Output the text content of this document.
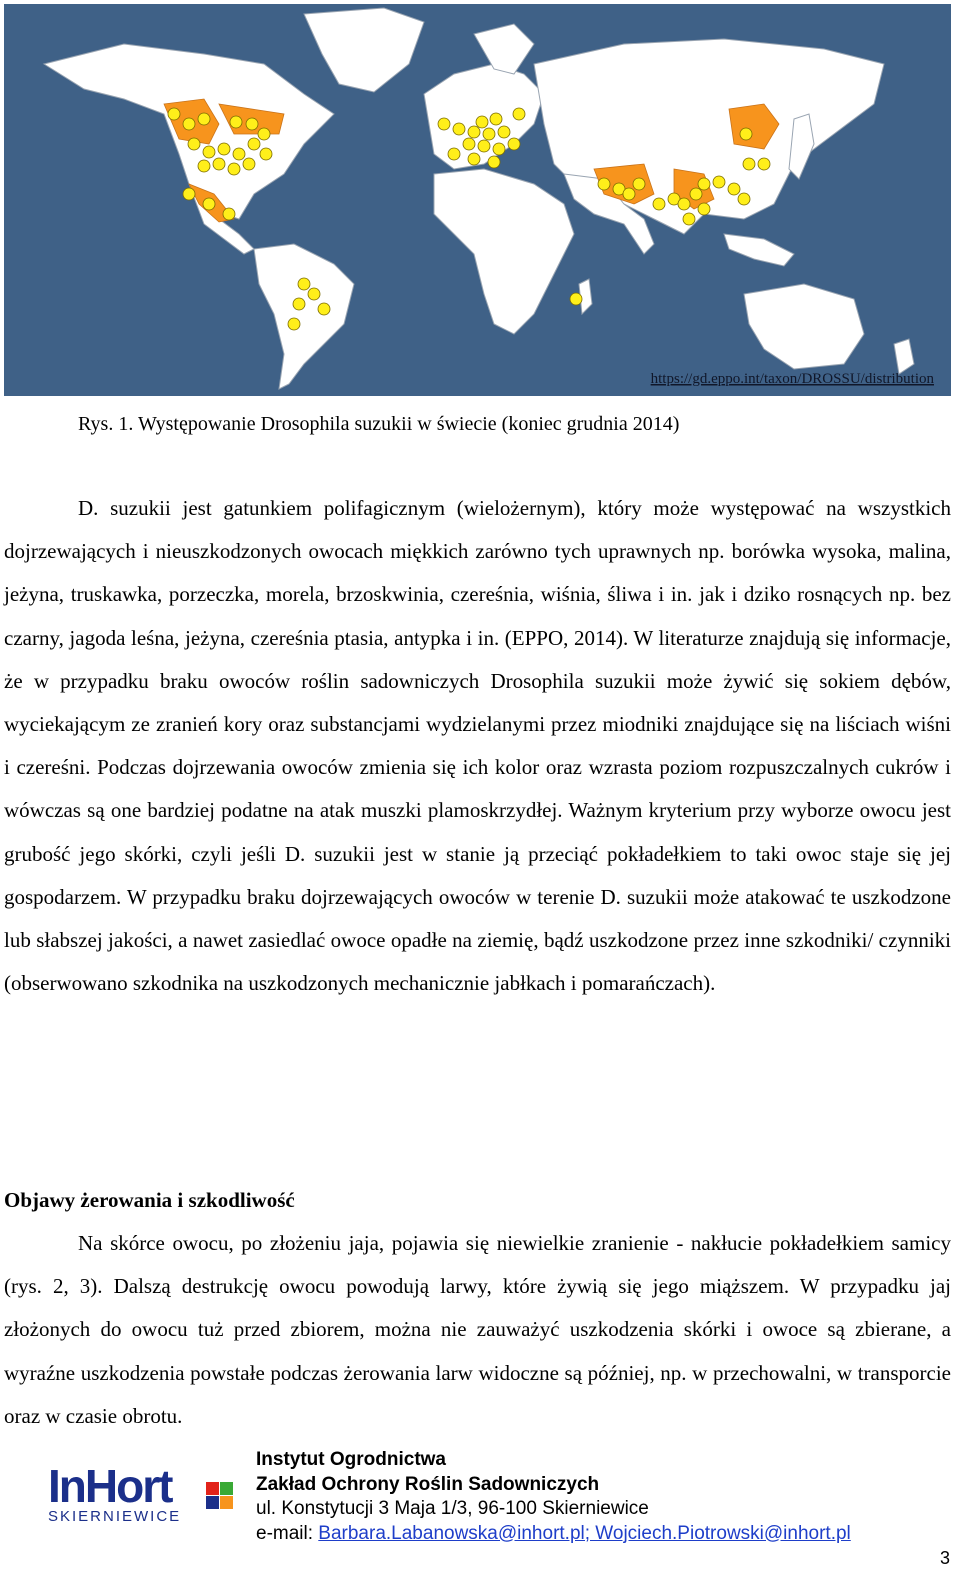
https://gd.eppo.int/taxon/DROSSU/distribution
Rys. 1. Występowanie Drosophila suzukii w świecie (koniec grudnia 2014)

D. suzukii jest gatunkiem polifagicznym (wielożernym), który może występować na wszystkich dojrzewających i nieuszkodzonych owocach miękkich zarówno tych uprawnych np. borówka wysoka, malina, jeżyna, truskawka, porzeczka, morela, brzoskwinia, czereśnia, wiśnia, śliwa i in. jak i dziko rosnących np. bez czarny, jagoda leśna, jeżyna, czereśnia ptasia, antypka i in. (EPPO, 2014). W literaturze znajdują się informacje, że w przypadku braku owoców roślin sadowniczych Drosophila suzukii może żywić się sokiem dębów, wyciekającym ze zranień kory oraz substancjami wydzielanymi przez miodniki znajdujące się na liściach wiśni i czereśni. Podczas dojrzewania owoców zmienia się ich kolor oraz wzrasta poziom rozpuszczalnych cukrów i wówczas są one bardziej podatne na atak muszki plamoskrzydłej. Ważnym kryterium przy wyborze owocu jest grubość jego skórki, czyli jeśli D. suzukii jest w stanie ją przeciąć pokładełkiem to taki owoc staje się jej gospodarzem. W przypadku braku dojrzewających owoców w terenie D. suzukii może atakować te uszkodzone lub słabszej jakości, a nawet zasiedlać owoce opadłe na ziemię, bądź uszkodzone przez inne szkodniki/ czynniki (obserwowano szkodnika na uszkodzonych mechanicznie jabłkach i pomarańczach).

Objawy żerowania i szkodliwość

Na skórce owocu, po złożeniu jaja, pojawia się niewielkie zranienie - nakłucie pokładełkiem samicy (rys. 2, 3). Dalszą destrukcję owocu powodują larwy, które żywią się jego miąższem. W przypadku jaj złożonych do owocu tuż przed zbiorem, można nie zauważyć uszkodzenia skórki i owoce są zbierane, a wyraźne uszkodzenia powstałe podczas żerowania larw widoczne są później, np. w przechowalni, w transporcie oraz w czasie obrotu.

InHort
SKIERNIEWICE
Instytut Ogrodnictwa
Zakład Ochrony Roślin Sadowniczych
ul. Konstytucji 3 Maja 1/3, 96-100 Skierniewice
e-mail: Barbara.Labanowska@inhort.pl; Wojciech.Piotrowski@inhort.pl
3
